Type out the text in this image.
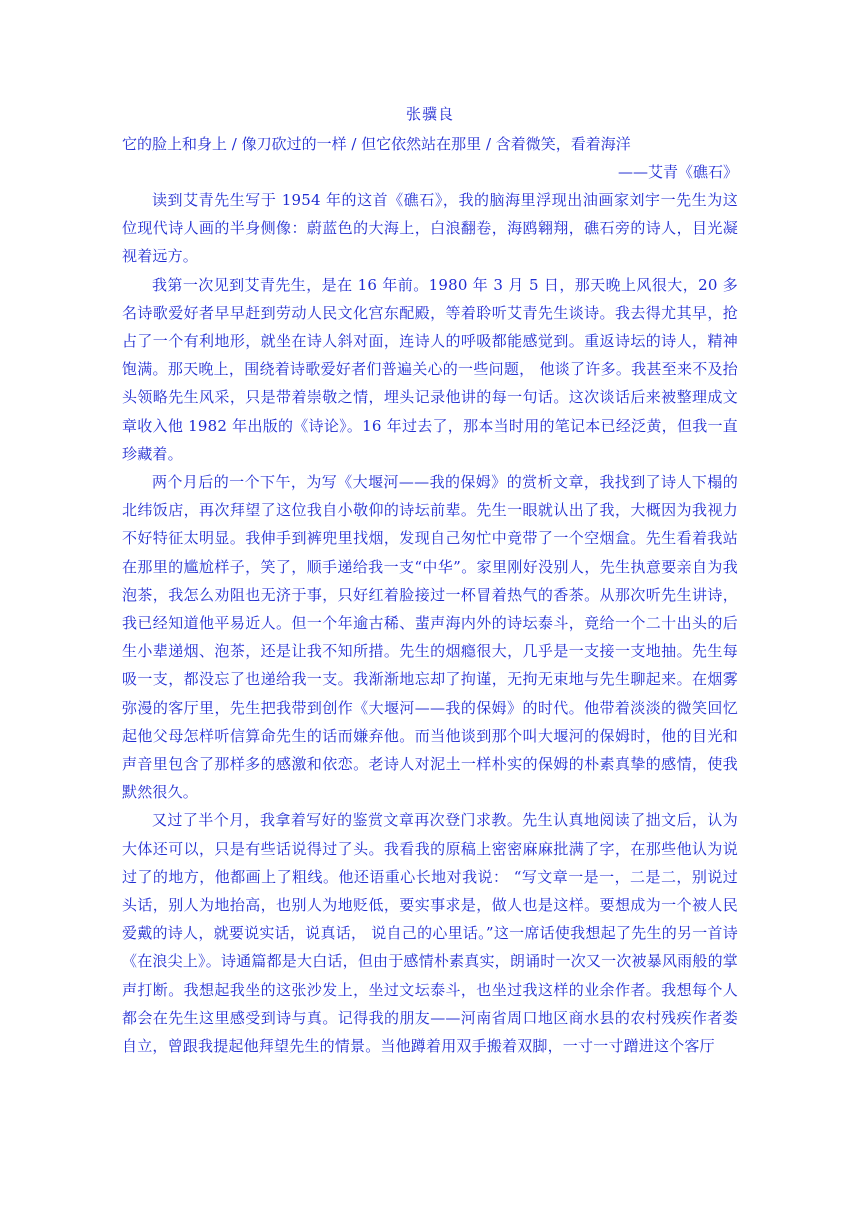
张骥良
它的脸上和身上 / 像刀砍过的一样 / 但它依然站在那里 / 含着微笑，看着海洋
——艾青《礁石》

读到艾青先生写于 1954 年的这首《礁石》，我的脑海里浮现出油画家刘宇一先生为这位现代诗人画的半身侧像：蔚蓝色的大海上，白浪翻卷，海鸥翱翔，礁石旁的诗人，目光凝视着远方。

我第一次见到艾青先生，是在 16 年前。1980 年 3 月 5 日，那天晚上风很大，20 多名诗歌爱好者早早赶到劳动人民文化宫东配殿，等着聆听艾青先生谈诗。我去得尤其早，抢占了一个有利地形，就坐在诗人斜对面，连诗人的呼吸都能感觉到。重返诗坛的诗人，精神饱满。那天晚上，围绕着诗歌爱好者们普遍关心的一些问题， 他谈了许多。我甚至来不及抬头领略先生风采，只是带着崇敬之情，埋头记录他讲的每一句话。这次谈话后来被整理成文章收入他 1982 年出版的《诗论》。16 年过去了，那本当时用的笔记本已经泛黄，但我一直珍藏着。

两个月后的一个下午，为写《大堰河——我的保姆》的赏析文章，我找到了诗人下榻的北纬饭店，再次拜望了这位我自小敬仰的诗坛前辈。先生一眼就认出了我，大概因为我视力不好特征太明显。我伸手到裤兜里找烟，发现自己匆忙中竟带了一个空烟盒。先生看着我站在那里的尴尬样子，笑了，顺手递给我一支“中华”。家里刚好没别人，先生执意要亲自为我泡茶，我怎么劝阻也无济于事，只好红着脸接过一杯冒着热气的香茶。从那次听先生讲诗，我已经知道他平易近人。但一个年逾古稀、蜚声海内外的诗坛泰斗，竟给一个二十出头的后生小辈递烟、泡茶，还是让我不知所措。先生的烟瘾很大，几乎是一支接一支地抽。先生每吸一支，都没忘了也递给我一支。我渐渐地忘却了拘谨，无拘无束地与先生聊起来。在烟雾弥漫的客厅里，先生把我带到创作《大堰河——我的保姆》的时代。他带着淡淡的微笑回忆起他父母怎样听信算命先生的话而嫌弃他。而当他谈到那个叫大堰河的保姆时，他的目光和声音里包含了那样多的感激和依恋。老诗人对泥土一样朴实的保姆的朴素真挚的感情，使我默然很久。

又过了半个月，我拿着写好的鉴赏文章再次登门求教。先生认真地阅读了拙文后，认为大体还可以，只是有些话说得过了头。我看我的原稿上密密麻麻批满了字，在那些他认为说过了的地方，他都画上了粗线。他还语重心长地对我说： “写文章一是一，二是二，别说过头话，别人为地抬高，也别人为地贬低，要实事求是，做人也是这样。要想成为一个被人民爱戴的诗人，就要说实话，说真话， 说自己的心里话。”这一席话使我想起了先生的另一首诗《在浪尖上》。诗通篇都是大白话，但由于感情朴素真实，朗诵时一次又一次被暴风雨般的掌声打断。我想起我坐的这张沙发上，坐过文坛泰斗，也坐过我这样的业余作者。我想每个人都会在先生这里感受到诗与真。记得我的朋友——河南省周口地区商水县的农村残疾作者娄自立，曾跟我提起他拜望先生的情景。当他蹲着用双手搬着双脚，一寸一寸蹭进这个客厅
